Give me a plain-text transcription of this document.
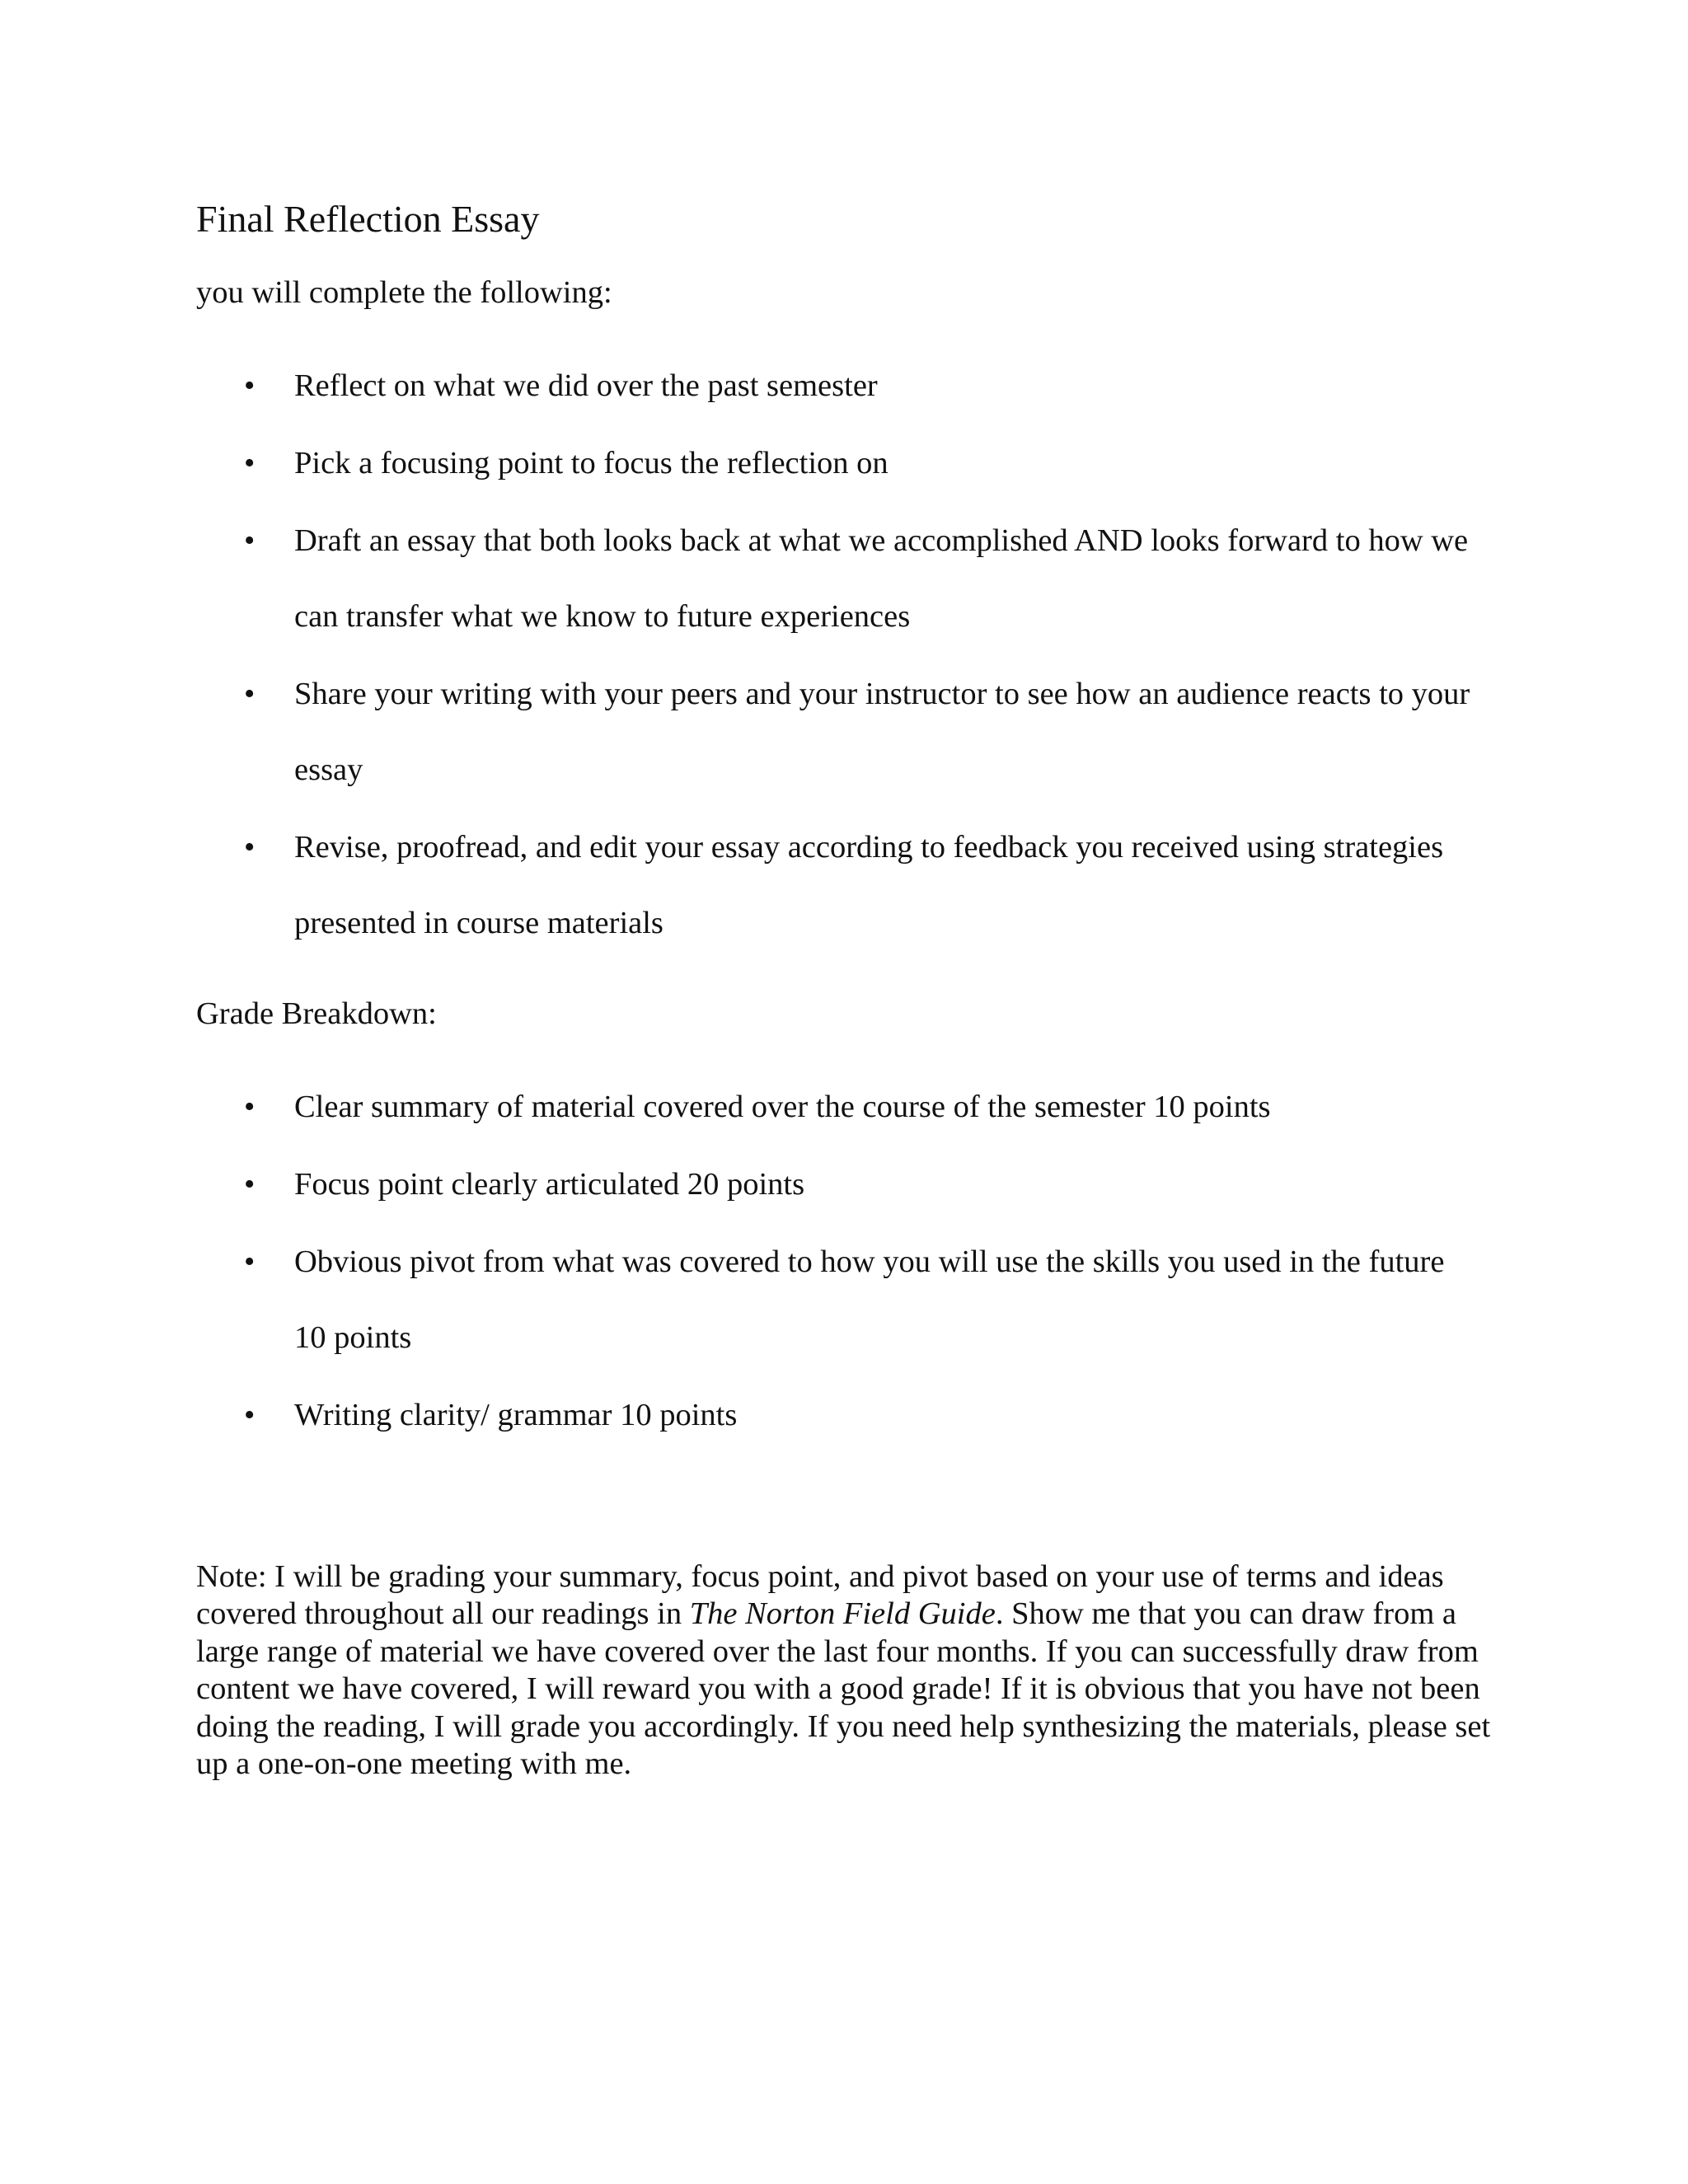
Final Reflection Essay
you will complete the following:
•	Reflect on what we did over the past semester
•	Pick a focusing point to focus the reflection on
•	Draft an essay that both looks back at what we accomplished AND looks forward to how we can transfer what we know to future experiences
•	Share your writing with your peers and your instructor to see how an audience reacts to your essay
•	Revise, proofread, and edit your essay according to feedback you received using strategies presented in course materials
Grade Breakdown:
•	Clear summary of material covered over the course of the semester 10 points
•	Focus point clearly articulated 20 points
•	Obvious pivot from what was covered to how you will use the skills you used in the future 10 points
•	Writing clarity/ grammar 10 points

Note: I will be grading your summary, focus point, and pivot based on your use of terms and ideas covered throughout all our readings in The Norton Field Guide. Show me that you can draw from a large range of material we have covered over the last four months. If you can successfully draw from content we have covered, I will reward you with a good grade! If it is obvious that you have not been doing the reading, I will grade you accordingly. If you need help synthesizing the materials, please set up a one-on-one meeting with me.
